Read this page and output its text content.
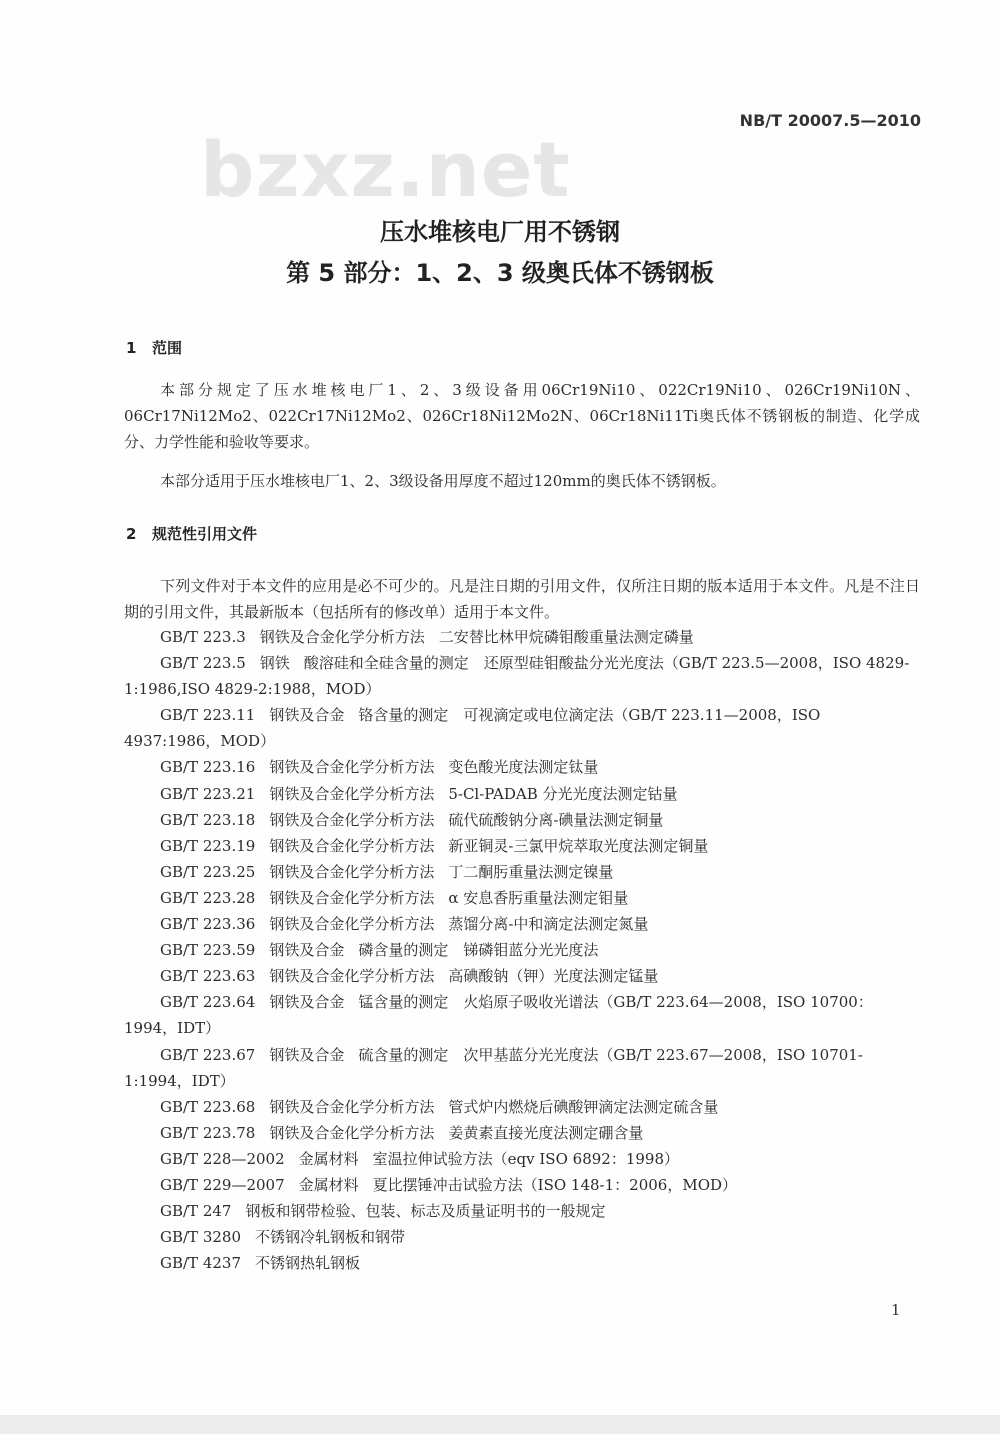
NB/T 20007.5—2010
bzxz.net
压水堆核电厂用不锈钢
第 5 部分：1、2、3 级奥氏体不锈钢板
1 范围
本部分规定了压水堆核电厂1、2、3级设备用06Cr19Ni10、022Cr19Ni10、026Cr19Ni10N、06Cr17Ni12Mo2、022Cr17Ni12Mo2、026Cr18Ni12Mo2N、06Cr18Ni11Ti奥氏体不锈钢板的制造、化学成分、力学性能和验收等要求。
本部分适用于压水堆核电厂1、2、3级设备用厚度不超过120mm的奥氏体不锈钢板。
2 规范性引用文件
下列文件对于本文件的应用是必不可少的。凡是注日期的引用文件，仅所注日期的版本适用于本文件。凡是不注日期的引用文件，其最新版本（包括所有的修改单）适用于本文件。
GB/T 223.3 钢铁及合金化学分析方法 二安替比林甲烷磷钼酸重量法测定磷量
GB/T 223.5 钢铁 酸溶硅和全硅含量的测定　还原型硅钼酸盐分光光度法（GB/T 223.5—2008，ISO 4829-1:1986,ISO 4829-2:1988，MOD）
GB/T 223.11 钢铁及合金 铬含量的测定　可视滴定或电位滴定法（GB/T 223.11—2008，ISO 4937:1986，MOD）
GB/T 223.16 钢铁及合金化学分析方法 变色酸光度法测定钛量
GB/T 223.21 钢铁及合金化学分析方法 5-Cl-PADAB 分光光度法测定钴量
GB/T 223.18 钢铁及合金化学分析方法 硫代硫酸钠分离-碘量法测定铜量
GB/T 223.19 钢铁及合金化学分析方法 新亚铜灵-三氯甲烷萃取光度法测定铜量
GB/T 223.25 钢铁及合金化学分析方法 丁二酮肟重量法测定镍量
GB/T 223.28 钢铁及合金化学分析方法 α 安息香肟重量法测定钼量
GB/T 223.36 钢铁及合金化学分析方法 蒸馏分离-中和滴定法测定氮量
GB/T 223.59 钢铁及合金 磷含量的测定　锑磷钼蓝分光光度法
GB/T 223.63 钢铁及合金化学分析方法 高碘酸钠（钾）光度法测定锰量
GB/T 223.64 钢铁及合金 锰含量的测定　火焰原子吸收光谱法（GB/T 223.64—2008，ISO 10700：1994，IDT）
GB/T 223.67 钢铁及合金 硫含量的测定　次甲基蓝分光光度法（GB/T 223.67—2008，ISO 10701-1:1994，IDT）
GB/T 223.68 钢铁及合金化学分析方法 管式炉内燃烧后碘酸钾滴定法测定硫含量
GB/T 223.78 钢铁及合金化学分析方法 姜黄素直接光度法测定硼含量
GB/T 228—2002 金属材料 室温拉伸试验方法（eqv ISO 6892：1998）
GB/T 229—2007 金属材料 夏比摆锤冲击试验方法（ISO 148-1：2006，MOD）
GB/T 247 钢板和钢带检验、包装、标志及质量证明书的一般规定
GB/T 3280 不锈钢冷轧钢板和钢带
GB/T 4237 不锈钢热轧钢板
1
